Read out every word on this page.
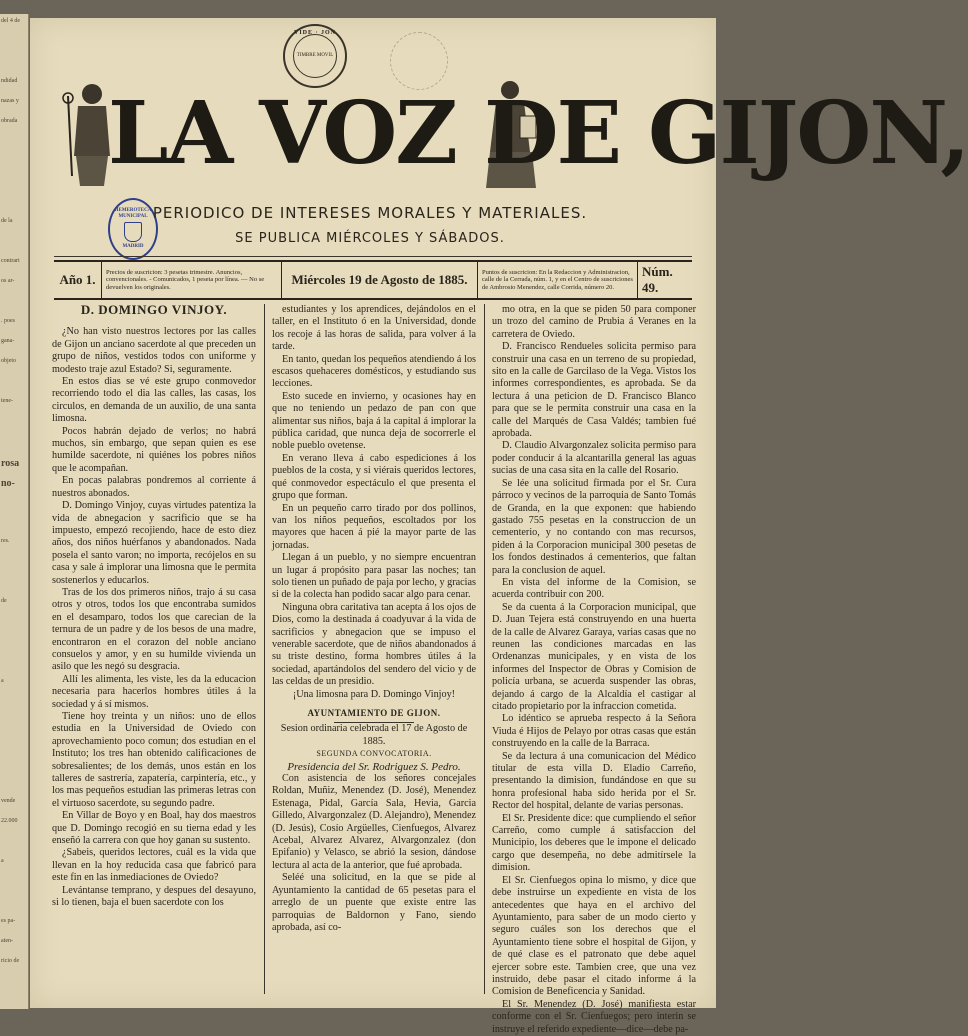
del 4 de
ndidad
nazas y
obrada
de la
contrari
os ar-
. poes
gana-
objeto
tene-
rosa
no-
res.
de
a
vende
22.000
a
es pa-
aten-
ricio de
VIDE · JON
TIMBRE MOVIL
LA VOZ DE GIJON,
HEMEROTECA MUNICIPAL
MADRID
PERIODICO DE INTERESES MORALES Y MATERIALES.
SE PUBLICA MIÉRCOLES Y SÁBADOS.
Año 1.	Precios de suscricion: 3 pesetas trimestre. Anuncios, convencionales. - Comunicados, 1 peseta por línea. — No se devuelven los originales.
Miércoles 19 de Agosto de 1885.	Puntos de suscricion: En la Redaccion y Administracion, calle de la Cerrada, núm. 1, y en el Centro de suscriciones de Ambrosio Menendez, calle Corrida, número 20.
Núm. 49.
D. DOMINGO VINJOY.

¿No han visto nuestros lectores por las calles de Gijon un anciano sacerdote al que preceden un grupo de niños, vestidos todos con uniforme y modesto traje azul Estado? Si, seguramente.

En estos dias se vé este grupo conmovedor recorriendo todo el dia las calles, las casas, los circulos, en demanda de un auxilio, de una santa limosna.

Pocos habrán dejado de verlos; no habrá muchos, sin embargo, que sepan quien es ese humilde sacerdote, ni quiénes los pobres niños que le acompañan.

En pocas palabras pondremos al corriente á nuestros abonados.

D. Domingo Vinjoy, cuyas virtudes patentiza la vida de abnegacion y sacrificio que se ha impuesto, empezó recojiendo, hace de esto diez años, dos niños huérfanos y abandonados. Nada posela el santo varon; no importa, recójelos en su casa y sale á implorar una limosna que le permita sostenerlos y educarlos.

Tras de los dos primeros niños, trajo á su casa otros y otros, todos los que encontraba sumidos en el desamparo, todos los que carecian de la ternura de un padre y de los besos de una madre, encontraron en el corazon del noble anciano consuelos y amor, y en su humilde vivienda un asilo que les negó su desgracia.

Allí les alimenta, les viste, les da la educacion necesaria para hacerlos hombres útiles á la sociedad y á sí mismos.

Tiene hoy treinta y un niños: uno de ellos estudia en la Universidad de Oviedo con aprovechamiento poco comun; dos estudian en el Instituto; los tres han obtenido calificaciones de sobresalientes; de los demás, unos están en los talleres de sastrería, zapatería, carpintería, etc., y los mas pequeños estudian las primeras letras con el virtuoso sacerdote, su segundo padre.

En Villar de Boyo y en Boal, hay dos maestros que D. Domingo recogió en su tierna edad y les enseñó la carrera con que hoy ganan su sustento.

¿Sabeis, queridos lectores, cuál es la vida que llevan en la hoy reducida casa que fabricó para este fin en las inmediaciones de Oviedo?

Levántanse temprano, y despues del desayuno, si lo tienen, baja el buen sacerdote con los

estudiantes y los aprendices, dejándolos en el taller, en el Instituto ó en la Universidad, donde los recoje á las horas de salida, para volver á la tarde.

En tanto, quedan los pequeños atendiendo á los escasos quehaceres domésticos, y estudiando sus lecciones.

Esto sucede en invierno, y ocasiones hay en que no teniendo un pedazo de pan con que alimentar sus niños, baja á la capital á implorar la pública caridad, que nunca deja de socorrerle el noble pueblo ovetense.

En verano lleva á cabo espediciones á los pueblos de la costa, y si viérais queridos lectores, qué conmovedor espectáculo el que presenta el grupo que forman.

En un pequeño carro tirado por dos pollinos, van los niños pequeños, escoltados por los mayores que hacen á pié la mayor parte de las jornadas.

Llegan á un pueblo, y no siempre encuentran un lugar á propósito para pasar las noches; tan solo tienen un puñado de paja por lecho, y gracias si de la colecta han podido sacar algo para cenar.

Ninguna obra caritativa tan acepta á los ojos de Dios, como la destinada á coadyuvar á la vida de sacrificios y abnegacion que se impuso el venerable sacerdote, que de niños abandonados á su triste destino, forma hombres útiles á la sociedad, apartándolos del sendero del vicio y de las celdas de un presidio.

¡Una limosna para D. Domingo Vinjoy!

AYUNTAMIENTO DE GIJON.

Sesion ordinaria celebrada el 17 de Agosto de 1885.

SEGUNDA CONVOCATORIA.

Presidencia del Sr. Rodriguez S. Pedro.

Con asistencia de los señores concejales Roldan, Muñiz, Menendez (D. José), Menendez Estenaga, Pidal, García Sala, Hevia, Garcia Gilledo, Alvargonzalez (D. Alejandro), Menendez (D. Jesús), Cosío Argüelles, Cienfuegos, Alvarez Acebal, Alvarez Alvarez, Alvargonzalez (don Epifanio) y Velasco, se abrió la sesion, dándose lectura al acta de la anterior, que fué aprobada.

Seléé una solicitud, en la que se pide al Ayuntamiento la cantidad de 65 pesetas para el arreglo de un puente que existe entre las parroquias de Baldornon y Fano, siendo aprobada, así co-

mo otra, en la que se piden 50 para componer un trozo del camino de Prubia á Veranes en la carretera de Oviedo.

D. Francisco Rendueles solicita permiso para construir una casa en un terreno de su propiedad, sito en la calle de Garcilaso de la Vega. Vistos los informes correspondientes, es aprobada. Se da lectura á una peticion de D. Francisco Blanco para que se le permita construir una casa en la calle del Marqués de Casa Valdés; tambien fué aprobada.

D. Claudio Alvargonzalez solicita permiso para poder conducir á la alcantarilla general las aguas sucias de una casa sita en la calle del Rosario.

Se lée una solicitud firmada por el Sr. Cura párroco y vecinos de la parroquia de Santo Tomás de Granda, en la que exponen: que habiendo gastado 755 pesetas en la construccion de un cementerio, y no contando con mas recursos, piden á la Corporacion municipal 300 pesetas de los fondos destinados á cementerios, que faltan para la conclusion de aquel.

En vista del informe de la Comision, se acuerda contribuir con 200.

Se da cuenta á la Corporacion municipal, que D. Juan Tejera está construyendo en una huerta de la calle de Alvarez Garaya, varias casas que no reunen las condiciones marcadas en las Ordenanzas municipales, y en vista de los informes del Inspector de Obras y Comision de policía urbana, se acuerda suspender las obras, dejando á cargo de la Alcaldía el castigar al citado propietario por la infraccion cometida.

Lo idéntico se aprueba respecto á la Señora Viuda é Hijos de Pelayo por otras casas que están construyendo en la calle de la Barraca.

Se da lectura á una comunicacion del Médico titular de esta villa D. Eladio Carreño, presentando la dimision, fundándose en que su honra profesional haba sido herida por el Sr. Rector del hospital, delante de varias personas.

El Sr. Presidente dice: que cumpliendo el señor Carreño, como cumple á satisfaccion del Municipio, los deberes que le impone el delicado cargo que desempeña, no debe admitírsele la dimision.

El Sr. Cienfuegos opina lo mismo, y dice que debe instruirse un expediente en vista de los antecedentes que haya en el archivo del Ayuntamiento, para saber de un modo cierto y seguro cuáles son los derechos que el Ayuntamiento tiene sobre el hospital de Gijon, y de qué clase es el patronato que debe aquel ejercer sobre este. Tambien cree, que una vez instruido, debe pasar el citado informe á la Comision de Beneficencia y Sanidad.

El Sr. Menendez (D. José) manifiesta estar conforme con el Sr. Cienfuegos; pero interin se instruye el referido expediente—dice—debe pa-
